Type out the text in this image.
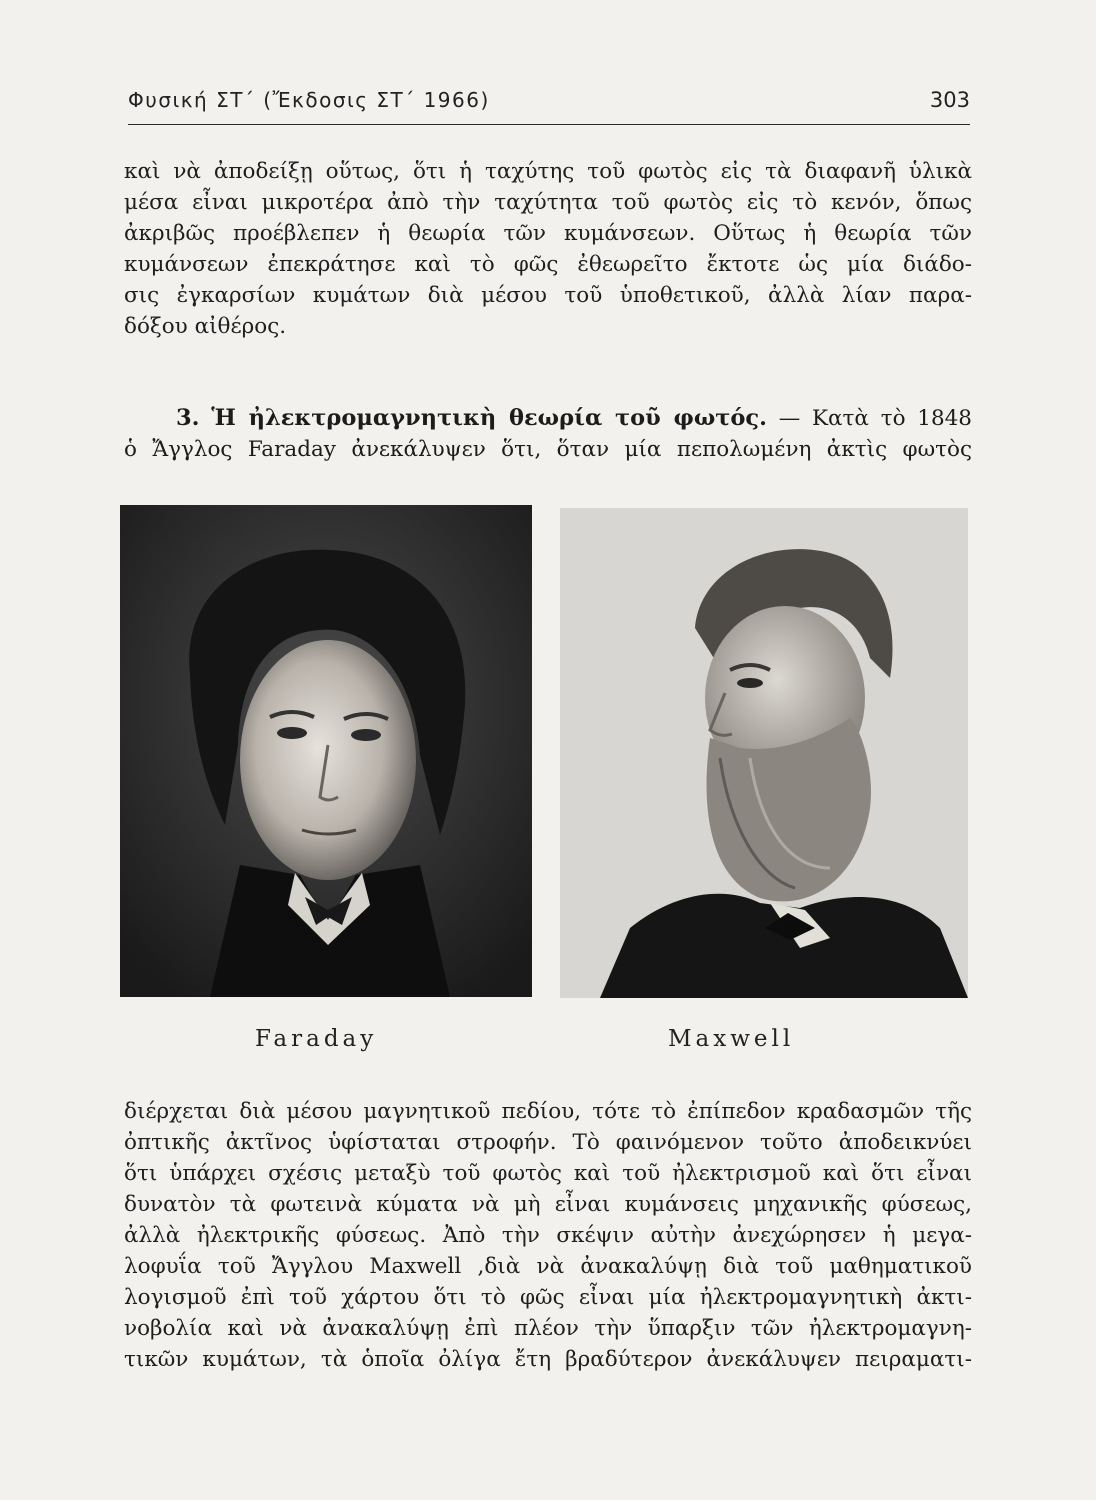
Φυσική ΣΤ΄ (Ἔκδοσις ΣΤ΄ 1966)	303
καὶ νὰ ἀποδείξῃ οὕτως, ὅτι ἡ ταχύτης τοῦ φωτὸς εἰς τὰ διαφανῆ ὑλικὰ
μέσα εἶναι μικροτέρα ἀπὸ τὴν ταχύτητα τοῦ φωτὸς εἰς τὸ κενόν, ὅπως
ἀκριβῶς προέβλεπεν ἡ θεωρία τῶν κυμάνσεων. Οὕτως ἡ θεωρία τῶν
κυμάνσεων ἐπεκράτησε καὶ τὸ φῶς ἐθεωρεῖτο ἔκτοτε ὡς μία διάδο-
σις ἐγκαρσίων κυμάτων διὰ μέσου τοῦ ὑποθετικοῦ, ἀλλὰ λίαν παρα-
δόξου αἰθέρος.
3. Ἡ ἠλεκτρομαγνητικὴ θεωρία τοῦ φωτός. — Κατὰ τὸ 1848
ὁ Ἄγγλος Faraday ἀνεκάλυψεν ὅτι, ὅταν μία πεπολωμένη ἀκτὶς φωτὸς
Faraday	Maxwell
διέρχεται διὰ μέσου μαγνητικοῦ πεδίου, τότε τὸ ἐπίπεδον κραδασμῶν τῆς
ὀπτικῆς ἀκτῖνος ὑφίσταται στροφήν. Τὸ φαινόμενον τοῦτο ἀποδεικνύει
ὅτι ὑπάρχει σχέσις μεταξὺ τοῦ φωτὸς καὶ τοῦ ἠλεκτρισμοῦ καὶ ὅτι εἶναι
δυνατὸν τὰ φωτεινὰ κύματα νὰ μὴ εἶναι κυμάνσεις μηχανικῆς φύσεως,
ἀλλὰ ἠλεκτρικῆς φύσεως. Ἀπὸ τὴν σκέψιν αὐτὴν ἀνεχώρησεν ἡ μεγα-
λοφυΐα τοῦ Ἄγγλου Maxwell ,διὰ νὰ ἀνακαλύψῃ διὰ τοῦ μαθηματικοῦ
λογισμοῦ ἐπὶ τοῦ χάρτου ὅτι τὸ φῶς εἶναι μία ἠλεκτρομαγνητικὴ ἀκτι-
νοβολία καὶ νὰ ἀνακαλύψῃ ἐπὶ πλέον τὴν ὕπαρξιν τῶν ἠλεκτρομαγνη-
τικῶν κυμάτων, τὰ ὁποῖα ὀλίγα ἔτη βραδύτερον ἀνεκάλυψεν πειραματι-
